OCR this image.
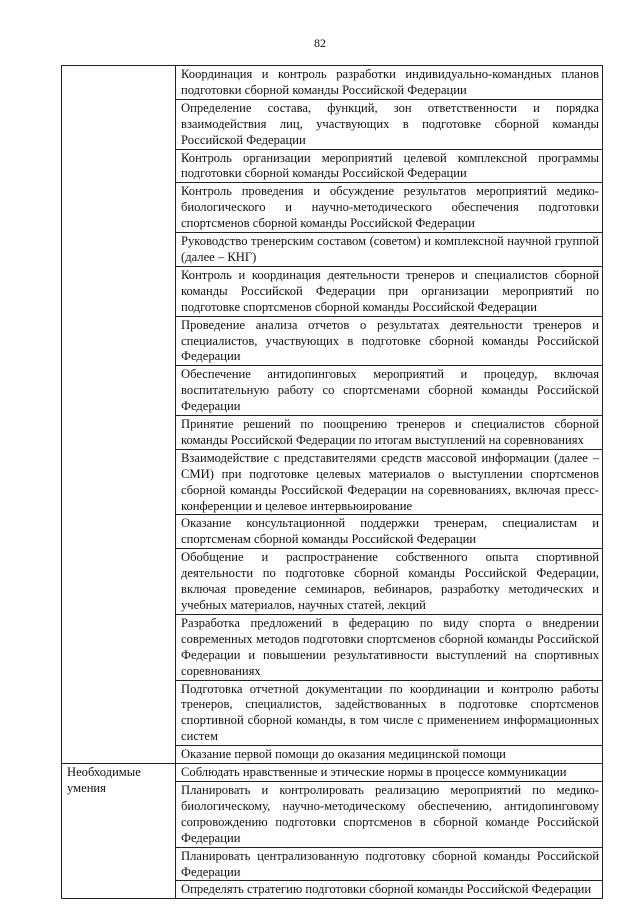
82
	Координация и контроль разработки индивидуально-командных планов подготовки сборной команды Российской Федерации
	Определение состава, функций, зон ответственности и порядка взаимодействия лиц, участвующих в подготовке сборной команды Российской Федерации
	Контроль организации мероприятий целевой комплексной программы подготовки сборной команды Российской Федерации
	Контроль проведения и обсуждение результатов мероприятий медико-биологического и научно-методического обеспечения подготовки спортсменов сборной команды Российской Федерации
	Руководство тренерским составом (советом) и комплексной научной группой (далее – КНГ)
	Контроль и координация деятельности тренеров и специалистов сборной команды Российской Федерации при организации мероприятий по подготовке спортсменов сборной команды Российской Федерации
	Проведение анализа отчетов о результатах деятельности тренеров и специалистов, участвующих в подготовке сборной команды Российской Федерации
	Обеспечение антидопинговых мероприятий и процедур, включая воспитательную работу со спортсменами сборной команды Российской Федерации
	Принятие решений по поощрению тренеров и специалистов сборной команды Российской Федерации по итогам выступлений на соревнованиях
	Взаимодействие с представителями средств массовой информации (далее – СМИ) при подготовке целевых материалов о выступлении спортсменов сборной команды Российской Федерации на соревнованиях, включая пресс-конференции и целевое интервьюирование
	Оказание консультационной поддержки тренерам, специалистам и спортсменам сборной команды Российской Федерации
	Обобщение и распространение собственного опыта спортивной деятельности по подготовке сборной команды Российской Федерации, включая проведение семинаров, вебинаров, разработку методических и учебных материалов, научных статей, лекций
	Разработка предложений в федерацию по виду спорта о внедрении современных методов подготовки спортсменов сборной команды Российской Федерации и повышении результативности выступлений на спортивных соревнованиях
	Подготовка отчетной документации по координации и контролю работы тренеров, специалистов, задействованных в подготовке спортсменов спортивной сборной команды, в том числе с применением информационных систем
	Оказание первой помощи до оказания медицинской помощи

Необходимые умения	Соблюдать нравственные и этические нормы в процессе коммуникации
	Планировать и контролировать реализацию мероприятий по медико-биологическому, научно-методическому обеспечению, антидопинговому сопровождению подготовки спортсменов в сборной команде Российской Федерации
	Планировать централизованную подготовку сборной команды Российской Федерации
	Определять стратегию подготовки сборной команды Российской Федерации
